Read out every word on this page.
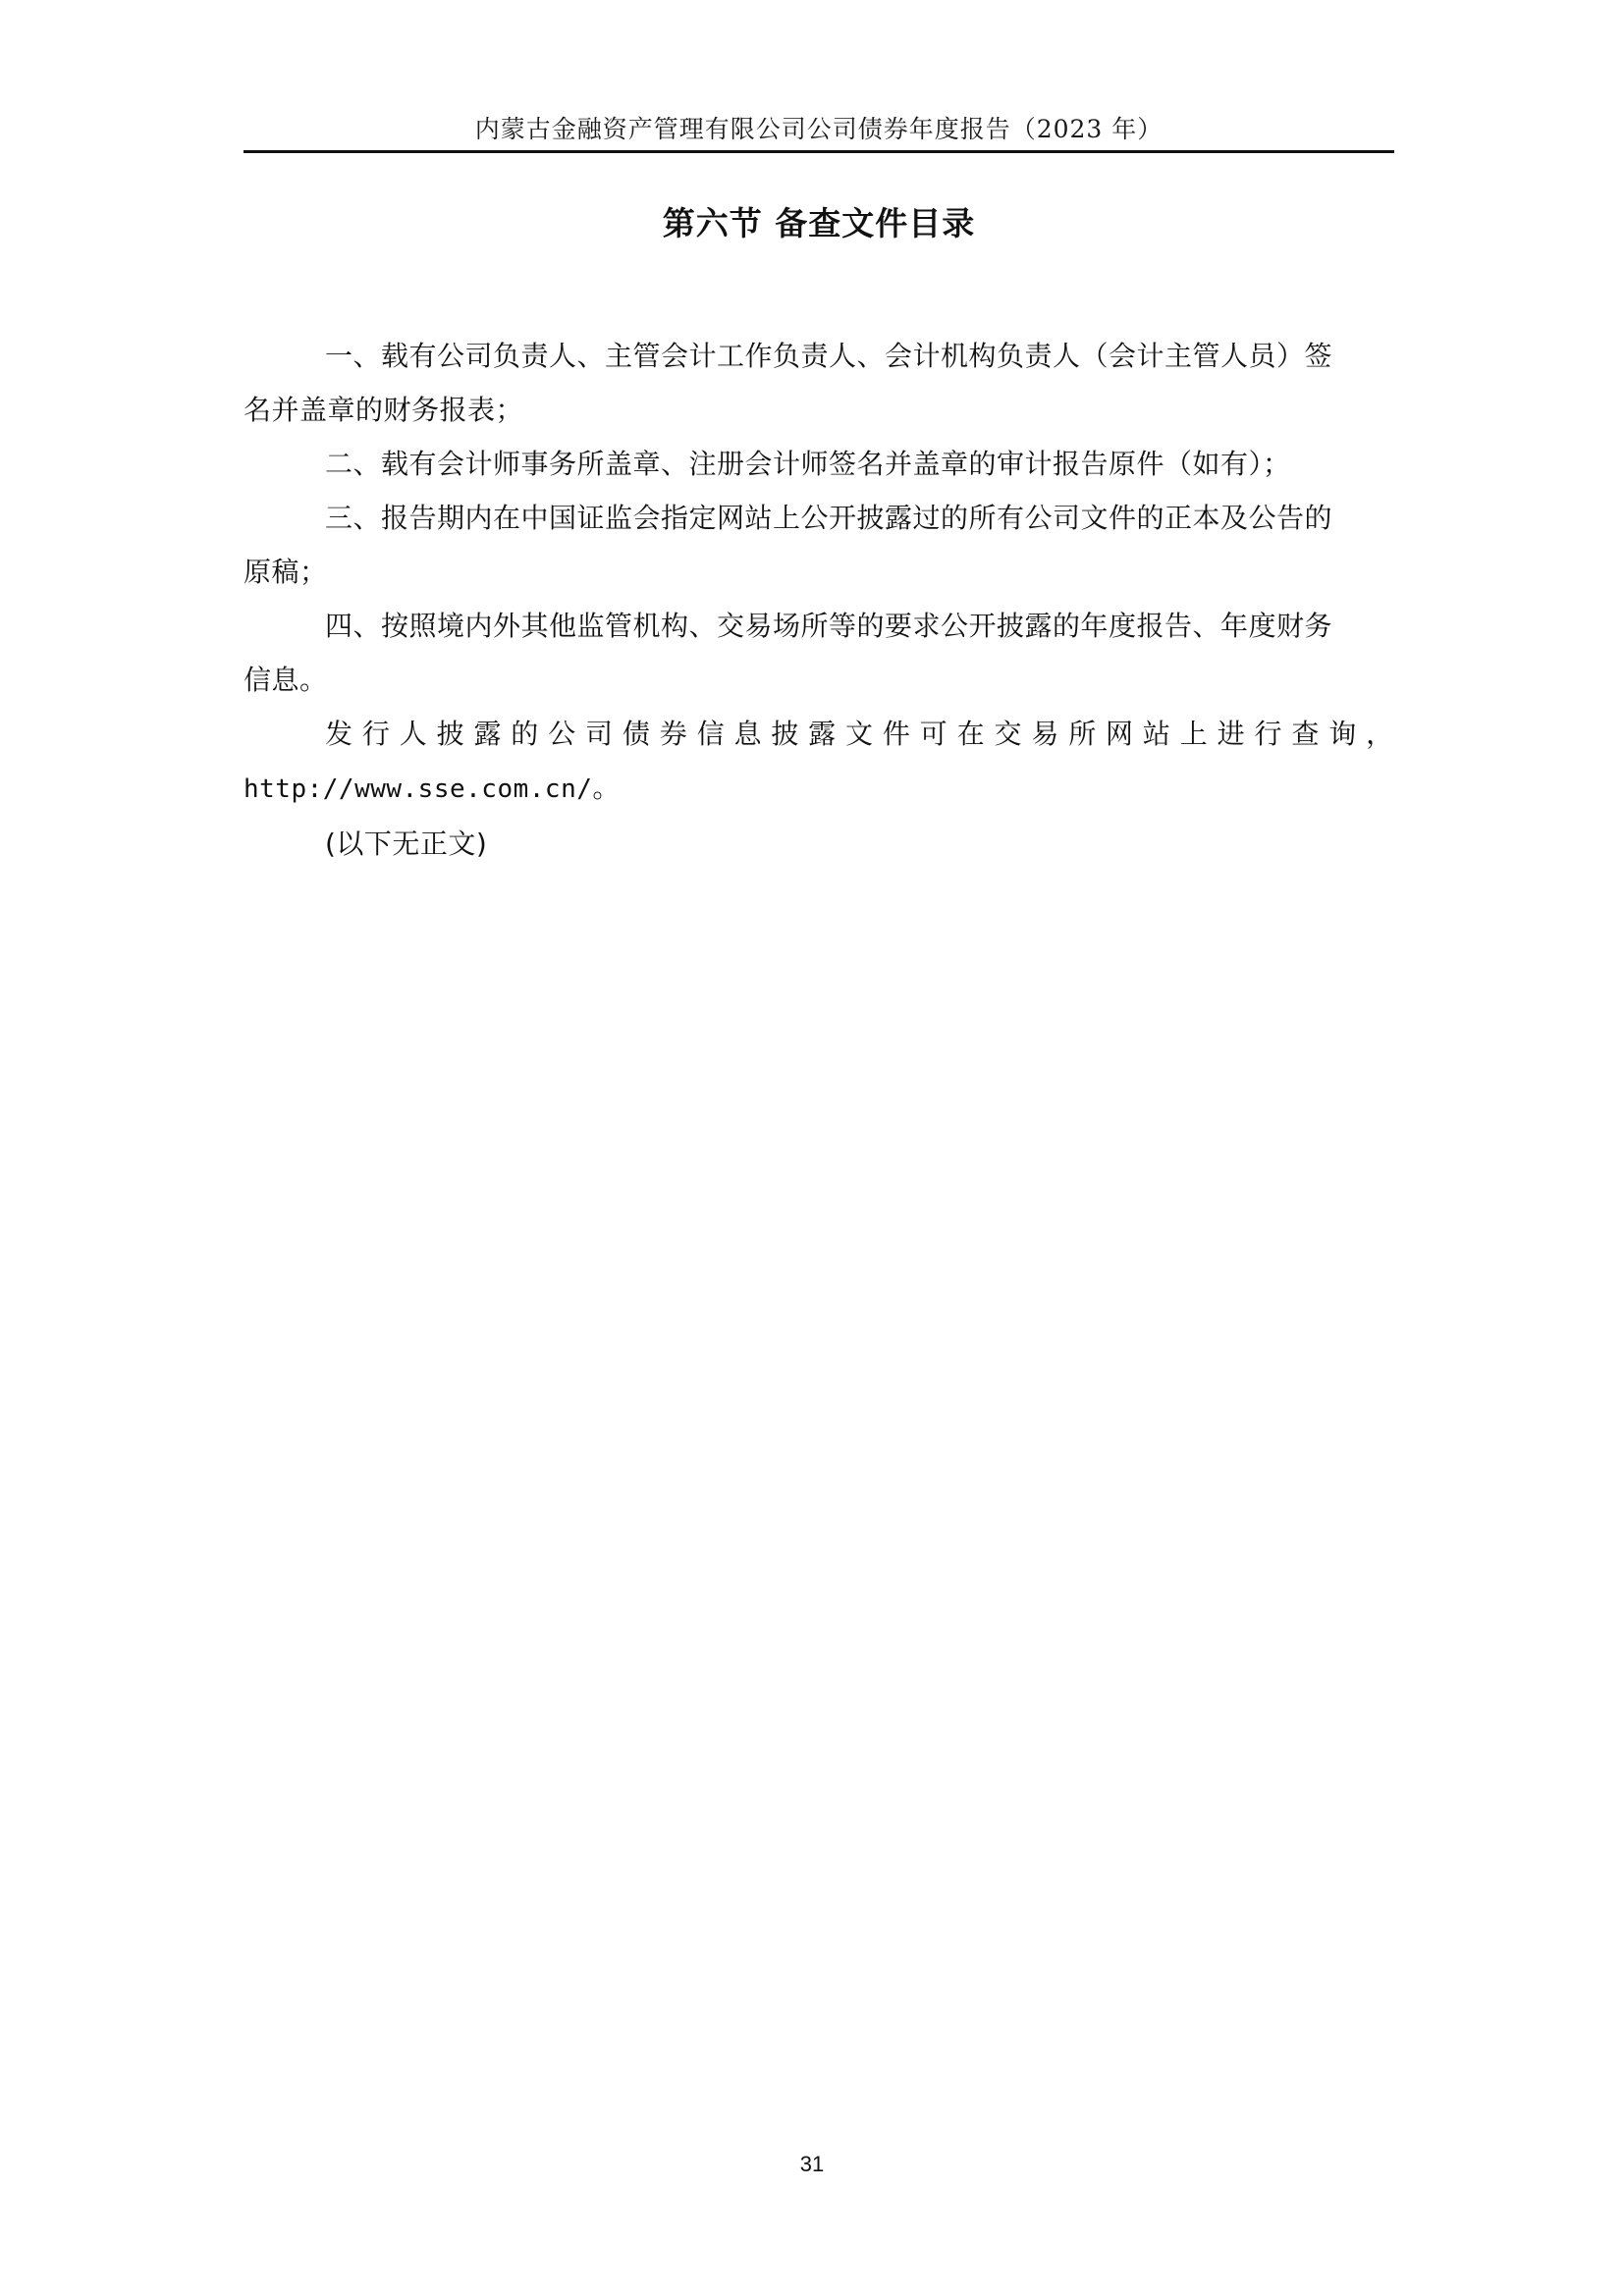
内蒙古金融资产管理有限公司公司债券年度报告（2023 年）
第六节 备查文件目录
一、载有公司负责人、主管会计工作负责人、会计机构负责人（会计主管人员）签
名并盖章的财务报表；
二、载有会计师事务所盖章、注册会计师签名并盖章的审计报告原件（如有）；
三、报告期内在中国证监会指定网站上公开披露过的所有公司文件的正本及公告的
原稿；
四、按照境内外其他监管机构、交易场所等的要求公开披露的年度报告、年度财务
信息。
发 行 人 披 露 的 公 司 债 券 信 息 披 露 文 件 可 在 交 易 所 网 站 上 进 行 查 询 ，
http://www.sse.com.cn/。
(以下无正文)
31
